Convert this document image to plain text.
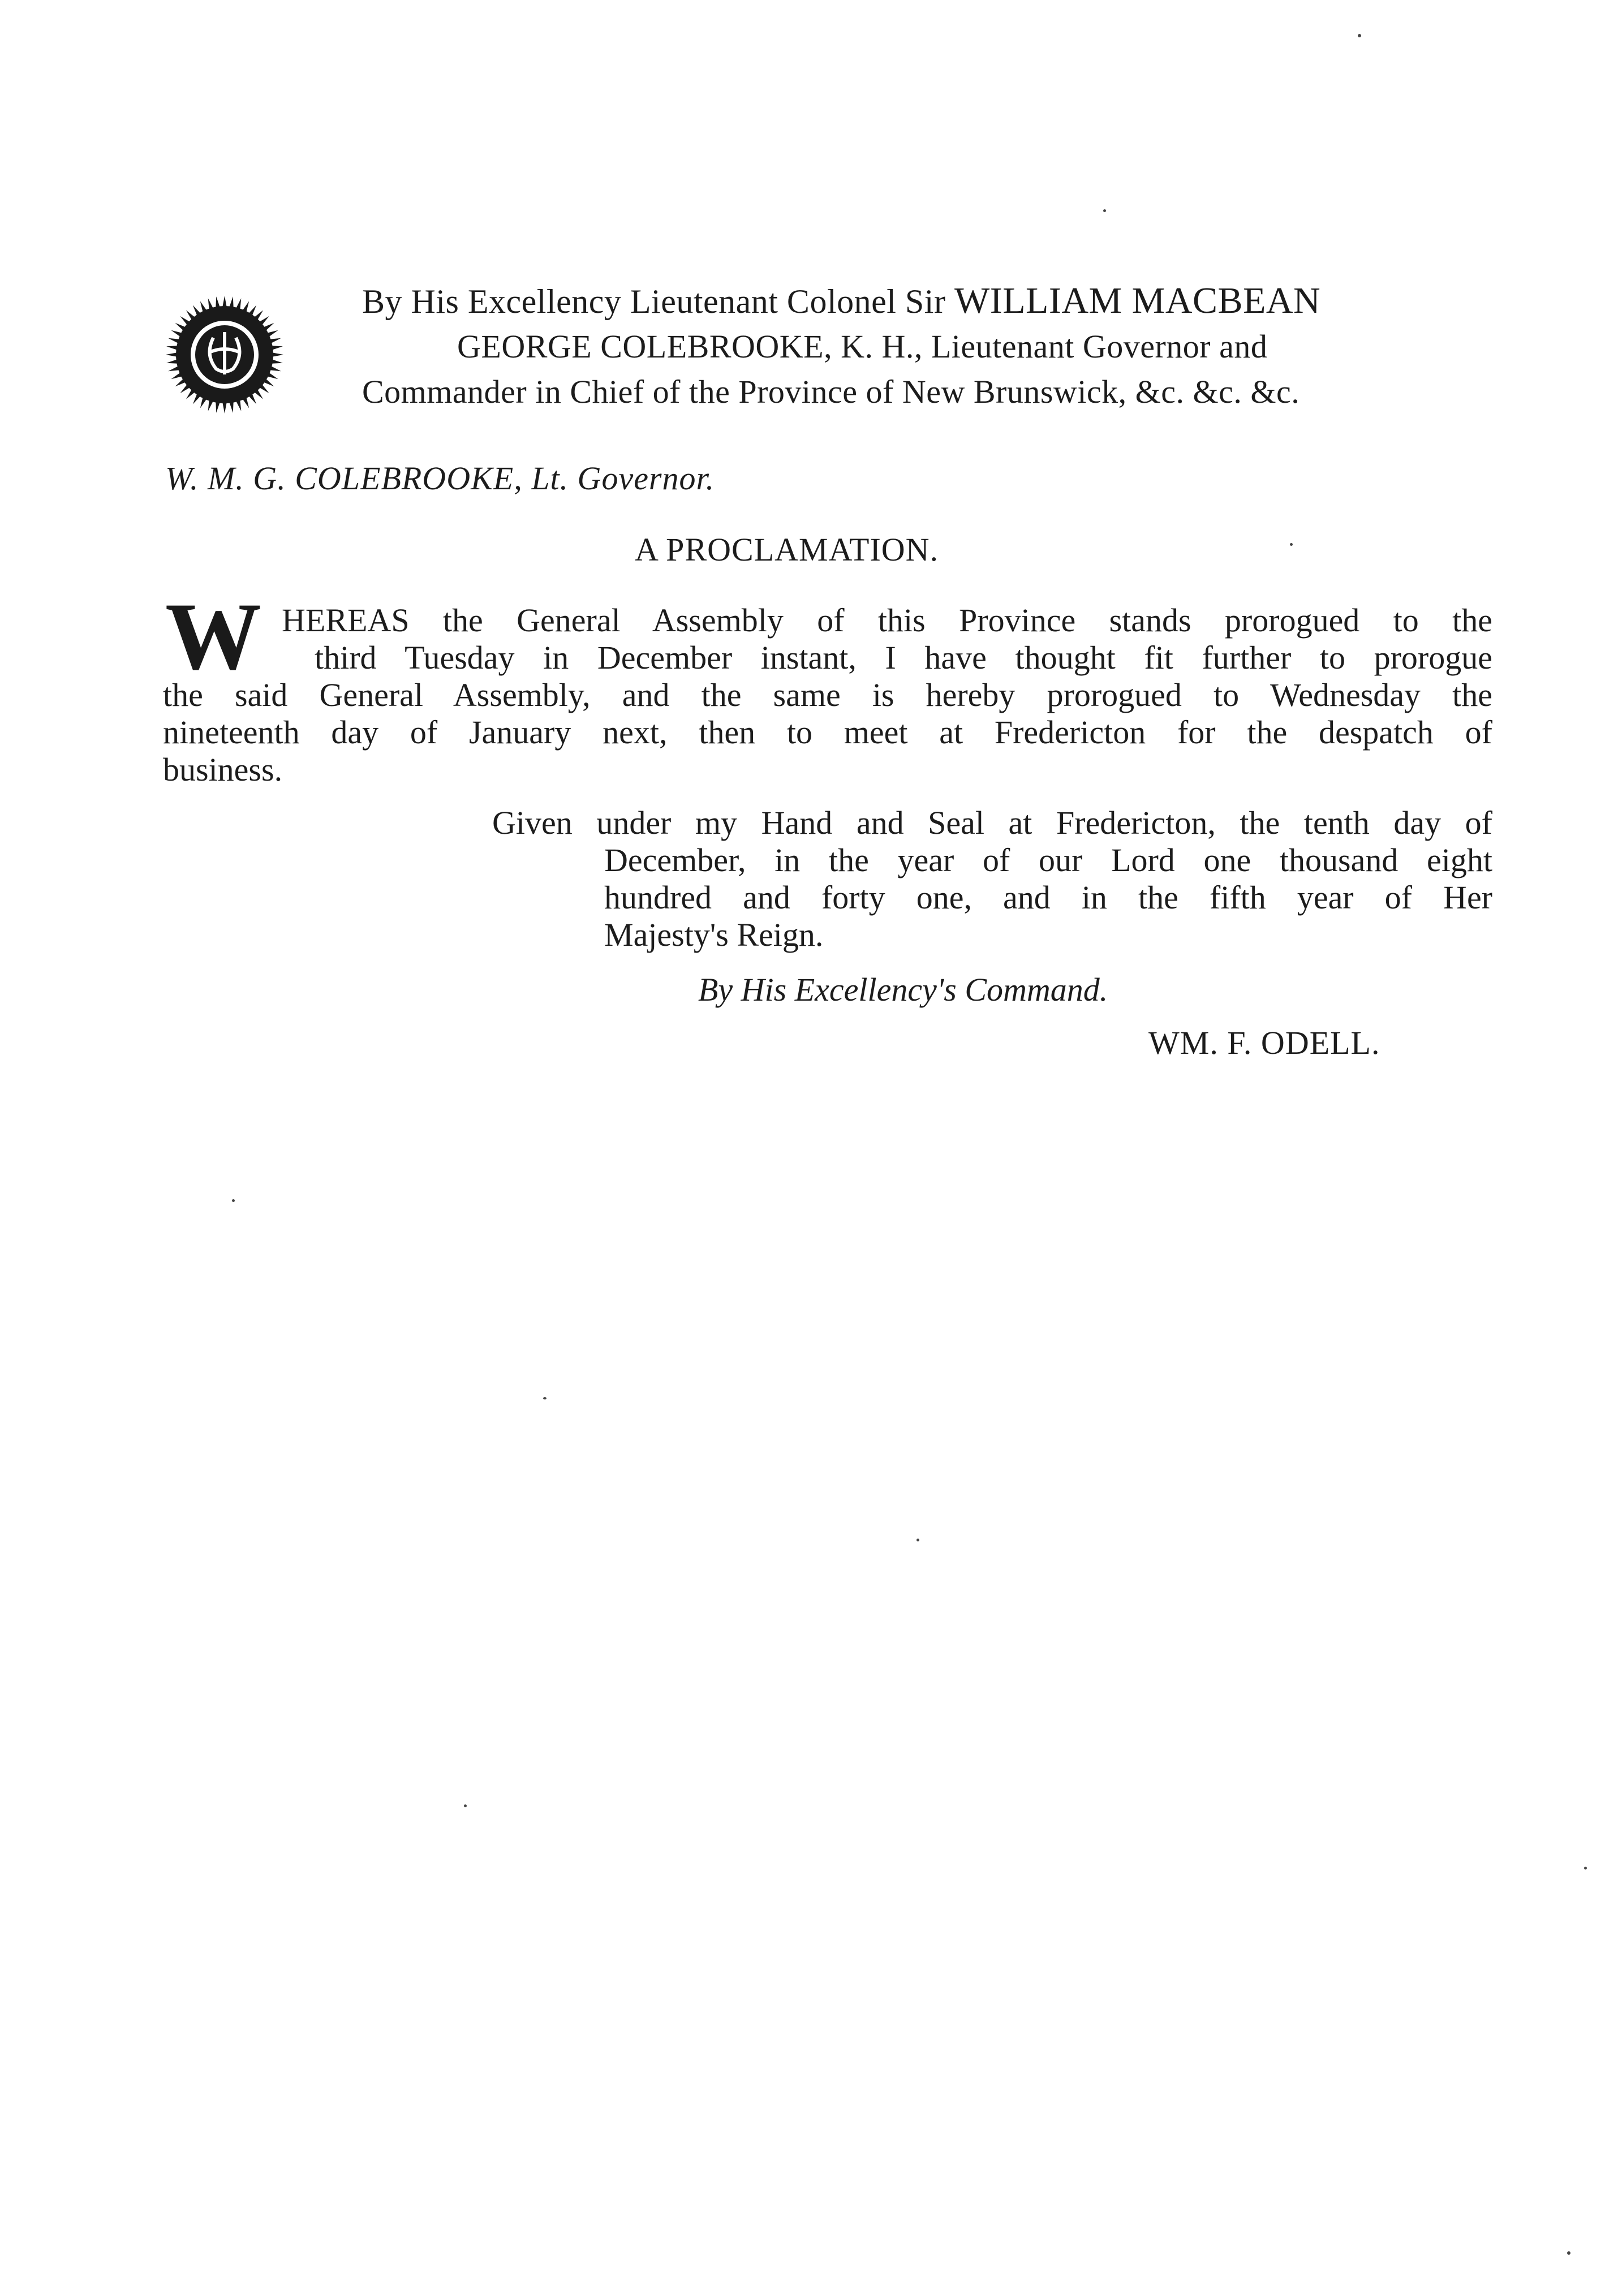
By His Excellency Lieutenant Colonel Sir WILLIAM MACBEAN
GEORGE COLEBROOKE, K. H., Lieutenant Governor and
Commander in Chief of the Province of New Brunswick, &c. &c. &c.
W. M. G. COLEBROOKE, Lt. Governor.
A PROCLAMATION.
W HEREAS the General Assembly of this Province stands prorogued to the
third Tuesday in December instant, I have thought fit further to prorogue
the said General Assembly, and the same is hereby prorogued to Wednesday the
nineteenth day of January next, then to meet at Fredericton for the despatch of
business.
Given under my Hand and Seal at Fredericton, the tenth day of
December, in the year of our Lord one thousand eight
hundred and forty one, and in the fifth year of Her
Majesty's Reign.
By His Excellency's Command.
WM. F. ODELL.
